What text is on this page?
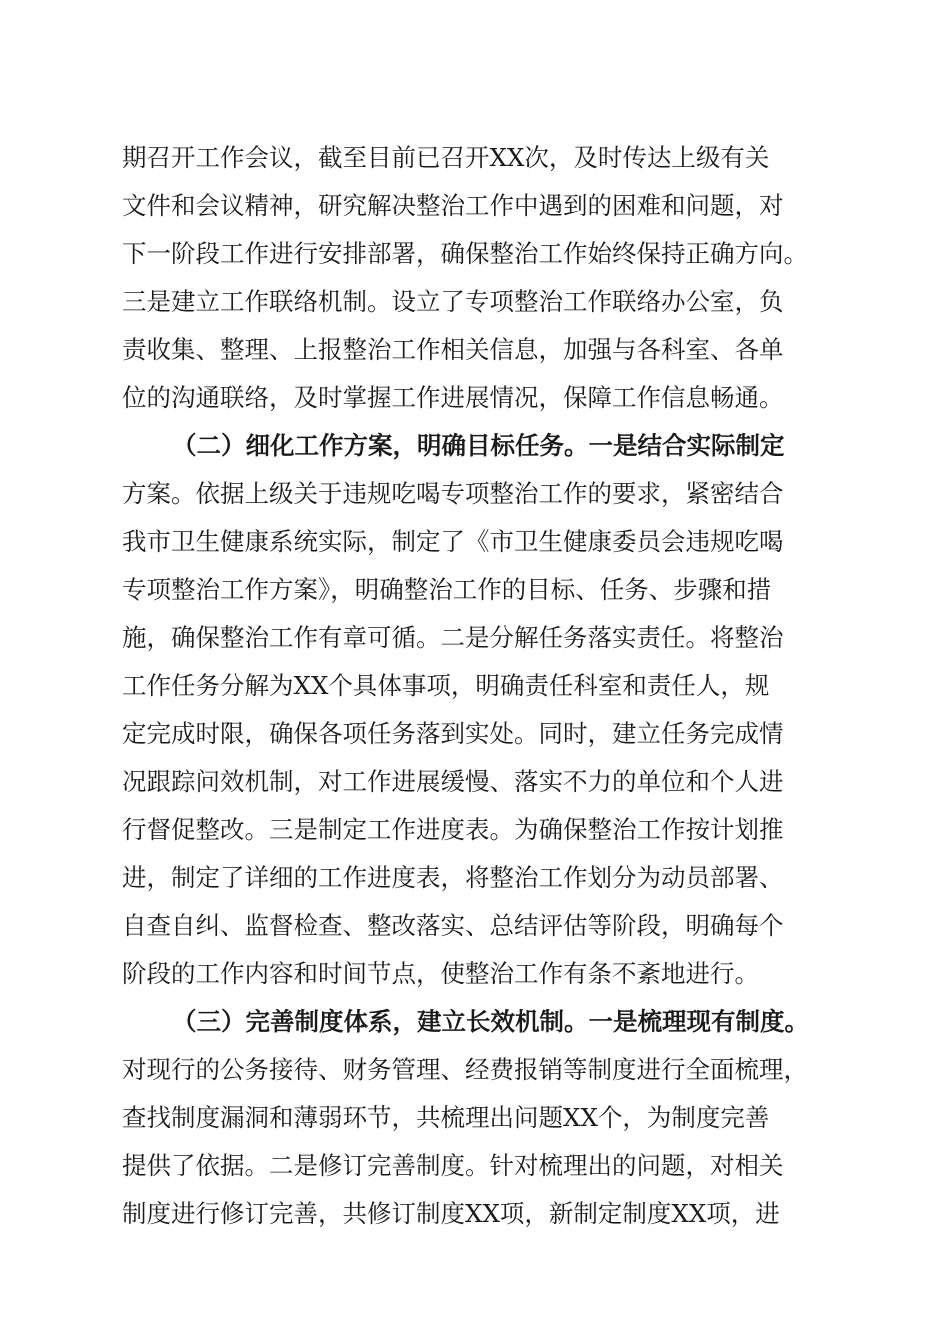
期召开工作会议，截至目前已召开XX次，及时传达上级有关
文件和会议精神，研究解决整治工作中遇到的困难和问题，对
下一阶段工作进行安排部署，确保整治工作始终保持正确方向。
三是建立工作联络机制。设立了专项整治工作联络办公室，负
责收集、整理、上报整治工作相关信息，加强与各科室、各单
位的沟通联络，及时掌握工作进展情况，保障工作信息畅通。
（二）细化工作方案，明确目标任务。一是结合实际制定
方案。依据上级关于违规吃喝专项整治工作的要求，紧密结合
我市卫生健康系统实际，制定了《市卫生健康委员会违规吃喝
专项整治工作方案》，明确整治工作的目标、任务、步骤和措
施，确保整治工作有章可循。二是分解任务落实责任。将整治
工作任务分解为XX个具体事项，明确责任科室和责任人，规
定完成时限，确保各项任务落到实处。同时，建立任务完成情
况跟踪问效机制，对工作进展缓慢、落实不力的单位和个人进
行督促整改。三是制定工作进度表。为确保整治工作按计划推
进，制定了详细的工作进度表，将整治工作划分为动员部署、
自查自纠、监督检查、整改落实、总结评估等阶段，明确每个
阶段的工作内容和时间节点，使整治工作有条不紊地进行。
（三）完善制度体系，建立长效机制。一是梳理现有制度。
对现行的公务接待、财务管理、经费报销等制度进行全面梳理，
查找制度漏洞和薄弱环节，共梳理出问题XX个，为制度完善
提供了依据。二是修订完善制度。针对梳理出的问题，对相关
制度进行修订完善，共修订制度XX项，新制定制度XX项，进
